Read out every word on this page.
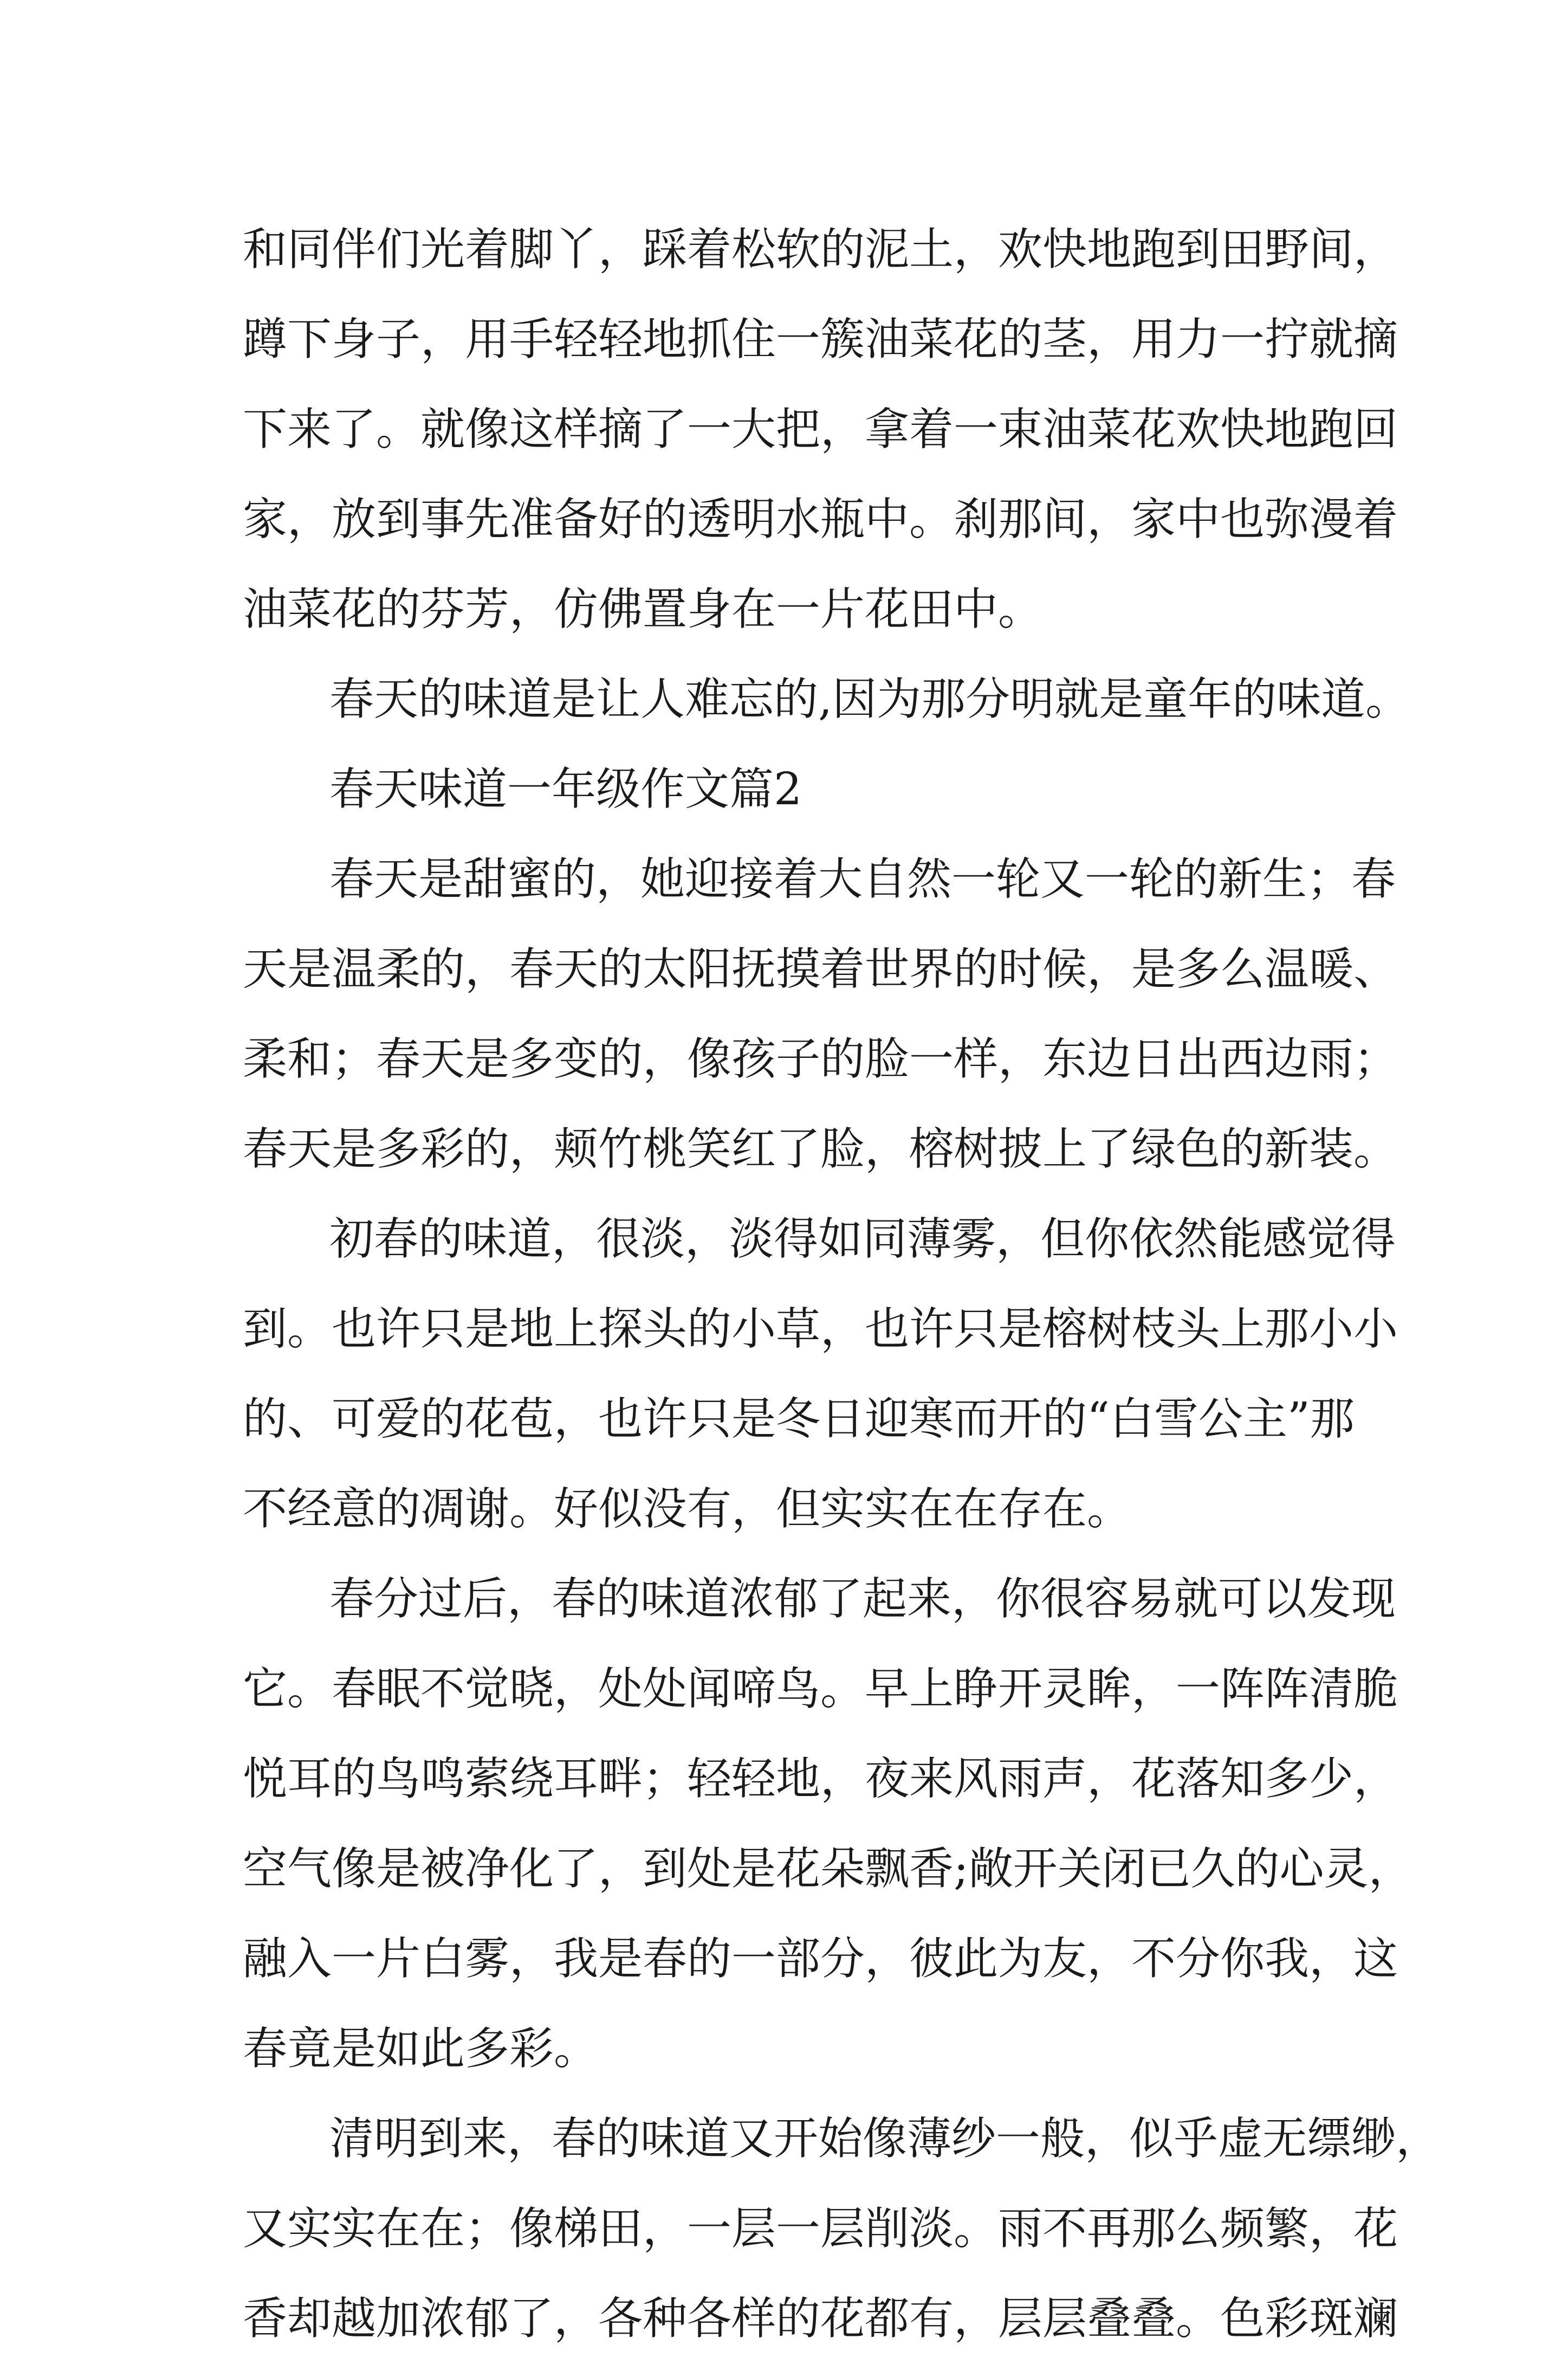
和同伴们光着脚丫，踩着松软的泥土，欢快地跑到田野间，
蹲下身子，用手轻轻地抓住一簇油菜花的茎，用力一拧就摘
下来了。就像这样摘了一大把，拿着一束油菜花欢快地跑回
家，放到事先准备好的透明水瓶中。刹那间，家中也弥漫着
油菜花的芬芳，仿佛置身在一片花田中。
春天的味道是让人难忘的,因为那分明就是童年的味道。
春天味道一年级作文篇2
春天是甜蜜的，她迎接着大自然一轮又一轮的新生；春
天是温柔的，春天的太阳抚摸着世界的时候，是多么温暖、
柔和；春天是多变的，像孩子的脸一样，东边日出西边雨；
春天是多彩的，颊竹桃笑红了脸，榕树披上了绿色的新装。
初春的味道，很淡，淡得如同薄雾，但你依然能感觉得
到。也许只是地上探头的小草，也许只是榕树枝头上那小小
的、可爱的花苞，也许只是冬日迎寒而开的“白雪公主”那
不经意的凋谢。好似没有，但实实在在存在。
春分过后，春的味道浓郁了起来，你很容易就可以发现
它。春眠不觉晓，处处闻啼鸟。早上睁开灵眸，一阵阵清脆
悦耳的鸟鸣萦绕耳畔；轻轻地，夜来风雨声，花落知多少，
空气像是被净化了，到处是花朵飘香;敞开关闭已久的心灵，
融入一片白雾，我是春的一部分，彼此为友，不分你我，这
春竟是如此多彩。
清明到来，春的味道又开始像薄纱一般，似乎虚无缥缈，
又实实在在；像梯田，一层一层削淡。雨不再那么频繁，花
香却越加浓郁了，各种各样的花都有，层层叠叠。色彩斑斓
